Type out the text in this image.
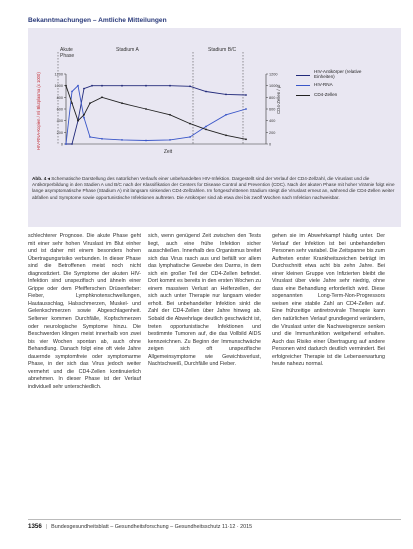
Bekanntmachungen – Amtliche Mitteilungen
Akute Phase
Stadium A	Stadium B/C
HIV-RNA-Kopien / ml Blutplasma (x 1000)	CD4-Zellen / µl
Zeit
0
200
400
600
800
1000
1200
0
200
400
600
800
1000
1200
HIV-Antikörper (relative Einheiten)
HIV-RNA
CD4-Zellen
Abb. 4 ◂ Schematische Darstellung des natürlichen Verlaufs einer unbehandelten HIV-Infektion. Dargestellt sind der Verlauf der CD4-Zellzahl, die Viruslast und die Antikörperbildung in den Stadien A und B/C nach der Klassifikation der Centers for Disease Control and Prevention (CDC). Nach der akuten Phase mit hoher Virämie folgt eine lange asymptomatische Phase (Stadium A) mit langsam sinkenden CD4-Zellzahlen. Im fortgeschrittenen Stadium steigt die Viruslast erneut an, während die CD4-Zellen weiter abfallen und Symptome sowie opportunistische Infektionen auftreten. Die Antikörper sind ab etwa drei bis zwölf Wochen nach Infektion nachweisbar.
schlechterer Prognose. Die akute Phase geht mit einer sehr hohen Viruslast im Blut einher und ist daher mit einem besonders hohen Übertragungsrisiko verbunden. In dieser Phase sind die Betroffenen meist noch nicht diagnostiziert. Die Symptome der akuten HIV-Infektion sind unspezifisch und ähneln einer Grippe oder dem Pfeifferschen Drüsenfieber: Fieber, Lymphknotenschwellungen, Hautausschlag, Halsschmerzen, Muskel- und Gelenkschmerzen sowie Abgeschlagenheit. Seltener kommen Durchfälle, Kopfschmerzen oder neurologische Symptome hinzu. Die Beschwerden klingen meist innerhalb von zwei bis vier Wochen spontan ab, auch ohne Behandlung. Danach folgt eine oft viele Jahre dauernde symptomfreie oder symptomarme Phase, in der sich das Virus jedoch weiter vermehrt und die CD4-Zellen kontinuierlich abnehmen. In dieser Phase ist der Verlauf individuell sehr unterschiedlich.
sich, wenn genügend Zeit zwischen den Tests liegt, auch eine frühe Infektion sicher ausschließen. Innerhalb des Organismus breitet sich das Virus rasch aus und befällt vor allem das lymphatische Gewebe des Darms, in dem sich ein großer Teil der CD4-Zellen befindet. Dort kommt es bereits in den ersten Wochen zu einem massiven Verlust an Helferzellen, der sich auch unter Therapie nur langsam wieder erholt. Bei unbehandelter Infektion sinkt die Zahl der CD4-Zellen über Jahre hinweg ab. Sobald die Abwehrlage deutlich geschwächt ist, treten opportunistische Infektionen und bestimmte Tumoren auf, die das Vollbild AIDS kennzeichnen. Zu Beginn der Immunschwäche zeigen sich oft unspezifische Allgemeinsymptome wie Gewichtsverlust, Nachtschweiß, Durchfälle und Fieber.
gehen sie im Abwehrkampf häufig unter. Der Verlauf der Infektion ist bei unbehandelten Personen sehr variabel. Die Zeitspanne bis zum Auftreten erster Krankheitszeichen beträgt im Durchschnitt etwa acht bis zehn Jahre. Bei einer kleinen Gruppe von Infizierten bleibt die Viruslast über viele Jahre sehr niedrig, ohne dass eine Behandlung erforderlich wird. Diese sogenannten Long-Term-Non-Progressors weisen eine stabile Zahl an CD4-Zellen auf. Eine frühzeitige antiretrovirale Therapie kann den natürlichen Verlauf grundlegend verändern, die Viruslast unter die Nachweisgrenze senken und die Immunfunktion weitgehend erhalten. Auch das Risiko einer Übertragung auf andere Personen wird dadurch deutlich vermindert. Bei erfolgreicher Therapie ist die Lebenserwartung heute nahezu normal.
1356 | Bundesgesundheitsblatt – Gesundheitsforschung – Gesundheitsschutz 11·12 · 2015
